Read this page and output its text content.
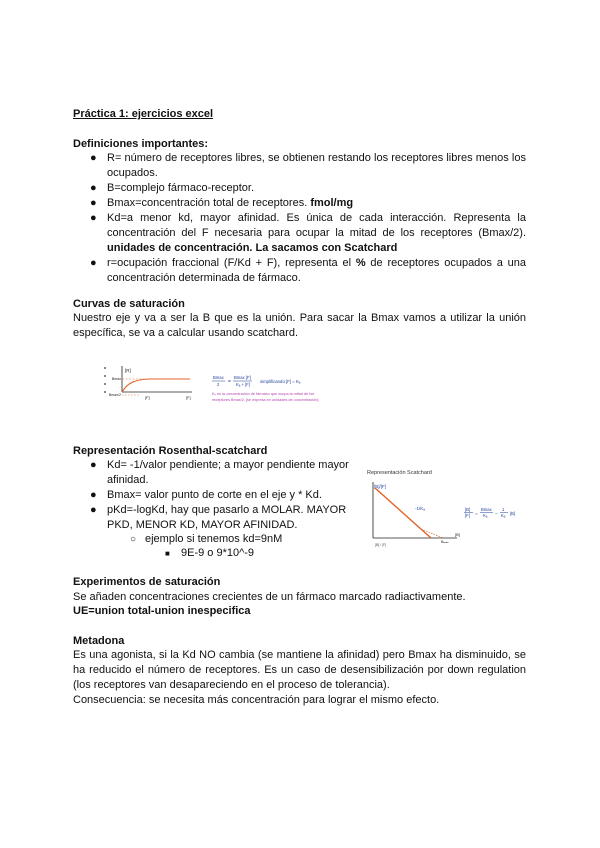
Práctica 1: ejercicios excel
Definiciones importantes:
● R= número de receptores libres, se obtienen restando los receptores libres menos los ocupados.
● B=complejo fármaco-receptor.
● Bmax=concentración total de receptores. fmol/mg
● Kd=a menor kd, mayor afinidad. Es única de cada interacción. Representa la concentración del F necesaria para ocupar la mitad de los receptores (Bmax/2). unidades de concentración. La sacamos con Scatchard
● r=ocupación fraccional (F/Kd + F), representa el % de receptores ocupados a una concentración determinada de fármaco.
Curvas de saturación
Nuestro eje y va a ser la B que es la unión. Para sacar la Bmax vamos a utilizar la unión específica, se va a calcular usando scatchard.
[R]
Bmax
Bmax/2	[F]	[F]
Bmax
2 =
Bmax [F]
Kₐ + [F]
simplificando [F] = Kₐ
Kₐ es la concentración de fármaco que ocupa la mitad de los
receptores Bmax/2, [se expresa en unidades de concentración]
Representación Rosenthal-scatchard
● Kd= -1/valor pendiente; a mayor pendiente mayor afinidad.
● Bmax= valor punto de corte en el eje y * Kd.
● pKd=-logKd, hay que pasarlo a MOLAR. MAYOR PKD, MENOR KD, MAYOR AFINIDAD.
○ ejemplo si tenemos kd=9nM
■ 9E-9 o 9*10^-9
Representación Scatchard
[B]/[F]
-1/Kₐ
Bₘₐₓ
[B]
[B] / [F]
[B]
[F] =
Bmax
Kₐ −
1
Kₐ [B]
Experimentos de saturación
Se añaden concentraciones crecientes de un fármaco marcado radiactivamente.
UE=union total-union inespecifica
Metadona
Es una agonista, si la Kd NO cambia (se mantiene la afinidad) pero Bmax ha disminuido, se ha reducido el número de receptores. Es un caso de desensibilización por down regulation (los receptores van desapareciendo en el proceso de tolerancia).
Consecuencia: se necesita más concentración para lograr el mismo efecto.
